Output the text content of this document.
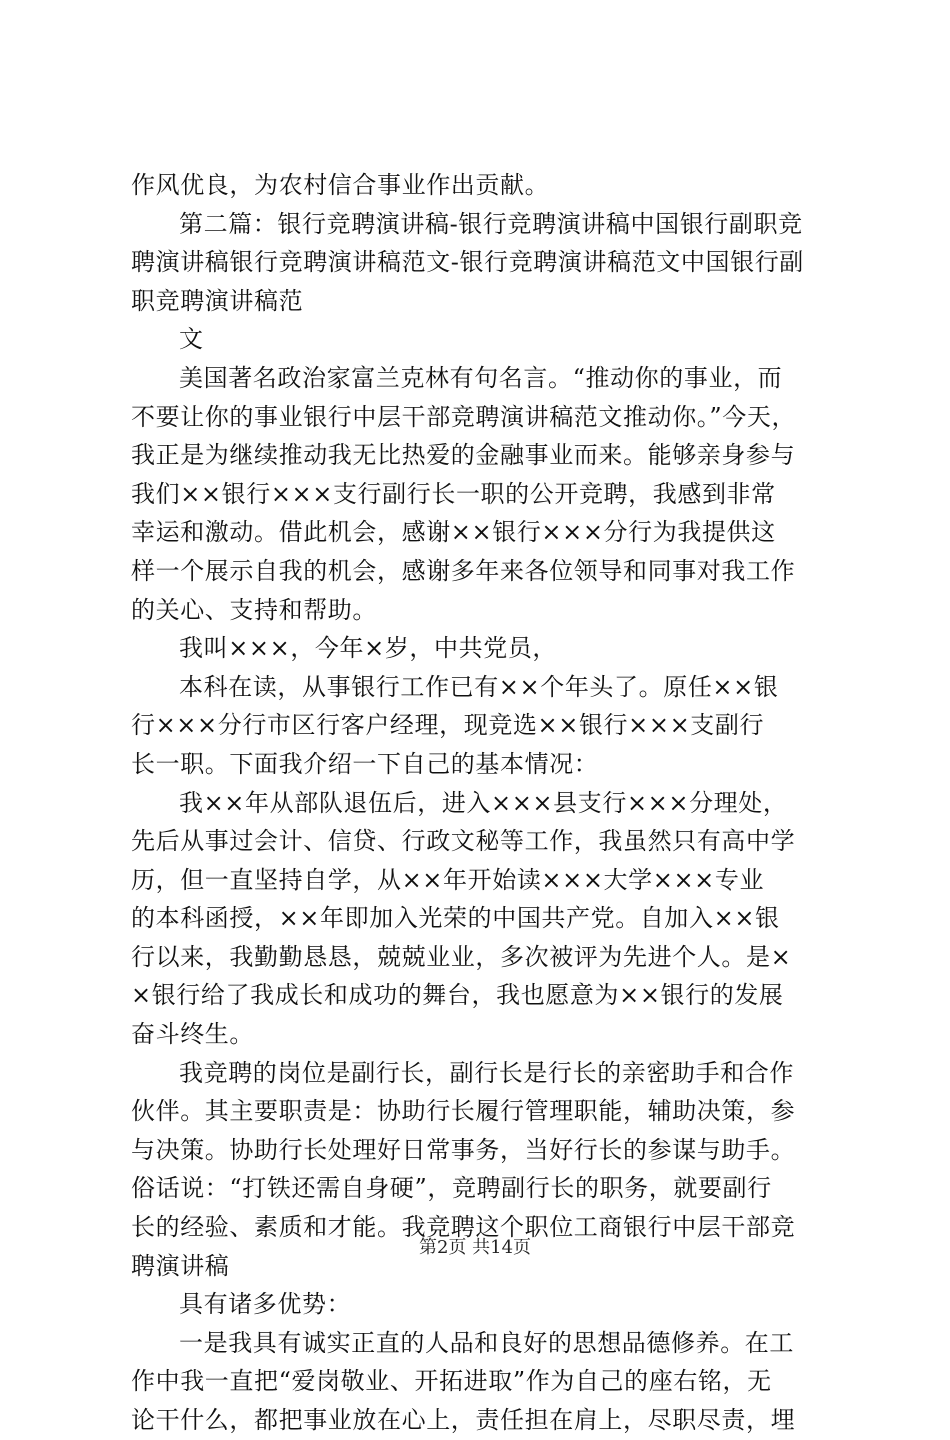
作风优良，为农村信合事业作出贡献。
第二篇：银行竞聘演讲稿-银行竞聘演讲稿中国银行副职竞
聘演讲稿银行竞聘演讲稿范文-银行竞聘演讲稿范文中国银行副
职竞聘演讲稿范
文
美国著名政治家富兰克林有句名言。“推动你的事业，而
不要让你的事业银行中层干部竞聘演讲稿范文推动你。”今天，
我正是为继续推动我无比热爱的金融事业而来。能够亲身参与
我们××银行×××支行副行长一职的公开竞聘，我感到非常
幸运和激动。借此机会，感谢××银行×××分行为我提供这
样一个展示自我的机会，感谢多年来各位领导和同事对我工作
的关心、支持和帮助。
我叫×××，今年×岁，中共党员，
本科在读，从事银行工作已有××个年头了。原任××银
行×××分行市区行客户经理，现竞选××银行×××支副行
长一职。下面我介绍一下自己的基本情况：
我××年从部队退伍后，进入×××县支行×××分理处，
先后从事过会计、信贷、行政文秘等工作，我虽然只有高中学
历，但一直坚持自学，从××年开始读×××大学×××专业
的本科函授，××年即加入光荣的中国共产党。自加入××银
行以来，我勤勤恳恳，兢兢业业，多次被评为先进个人。是×
×银行给了我成长和成功的舞台，我也愿意为××银行的发展
奋斗终生。
我竞聘的岗位是副行长，副行长是行长的亲密助手和合作
伙伴。其主要职责是：协助行长履行管理职能，辅助决策，参
与决策。协助行长处理好日常事务，当好行长的参谋与助手。
俗话说：“打铁还需自身硬”，竞聘副行长的职务，就要副行
长的经验、素质和才能。我竞聘这个职位工商银行中层干部竞
聘演讲稿
具有诸多优势：
一是我具有诚实正直的人品和良好的思想品德修养。在工
作中我一直把“爱岗敬业、开拓进取”作为自己的座右铭，无
论干什么，都把事业放在心上，责任担在肩上，尽职尽责，埋
第2页 共14页
